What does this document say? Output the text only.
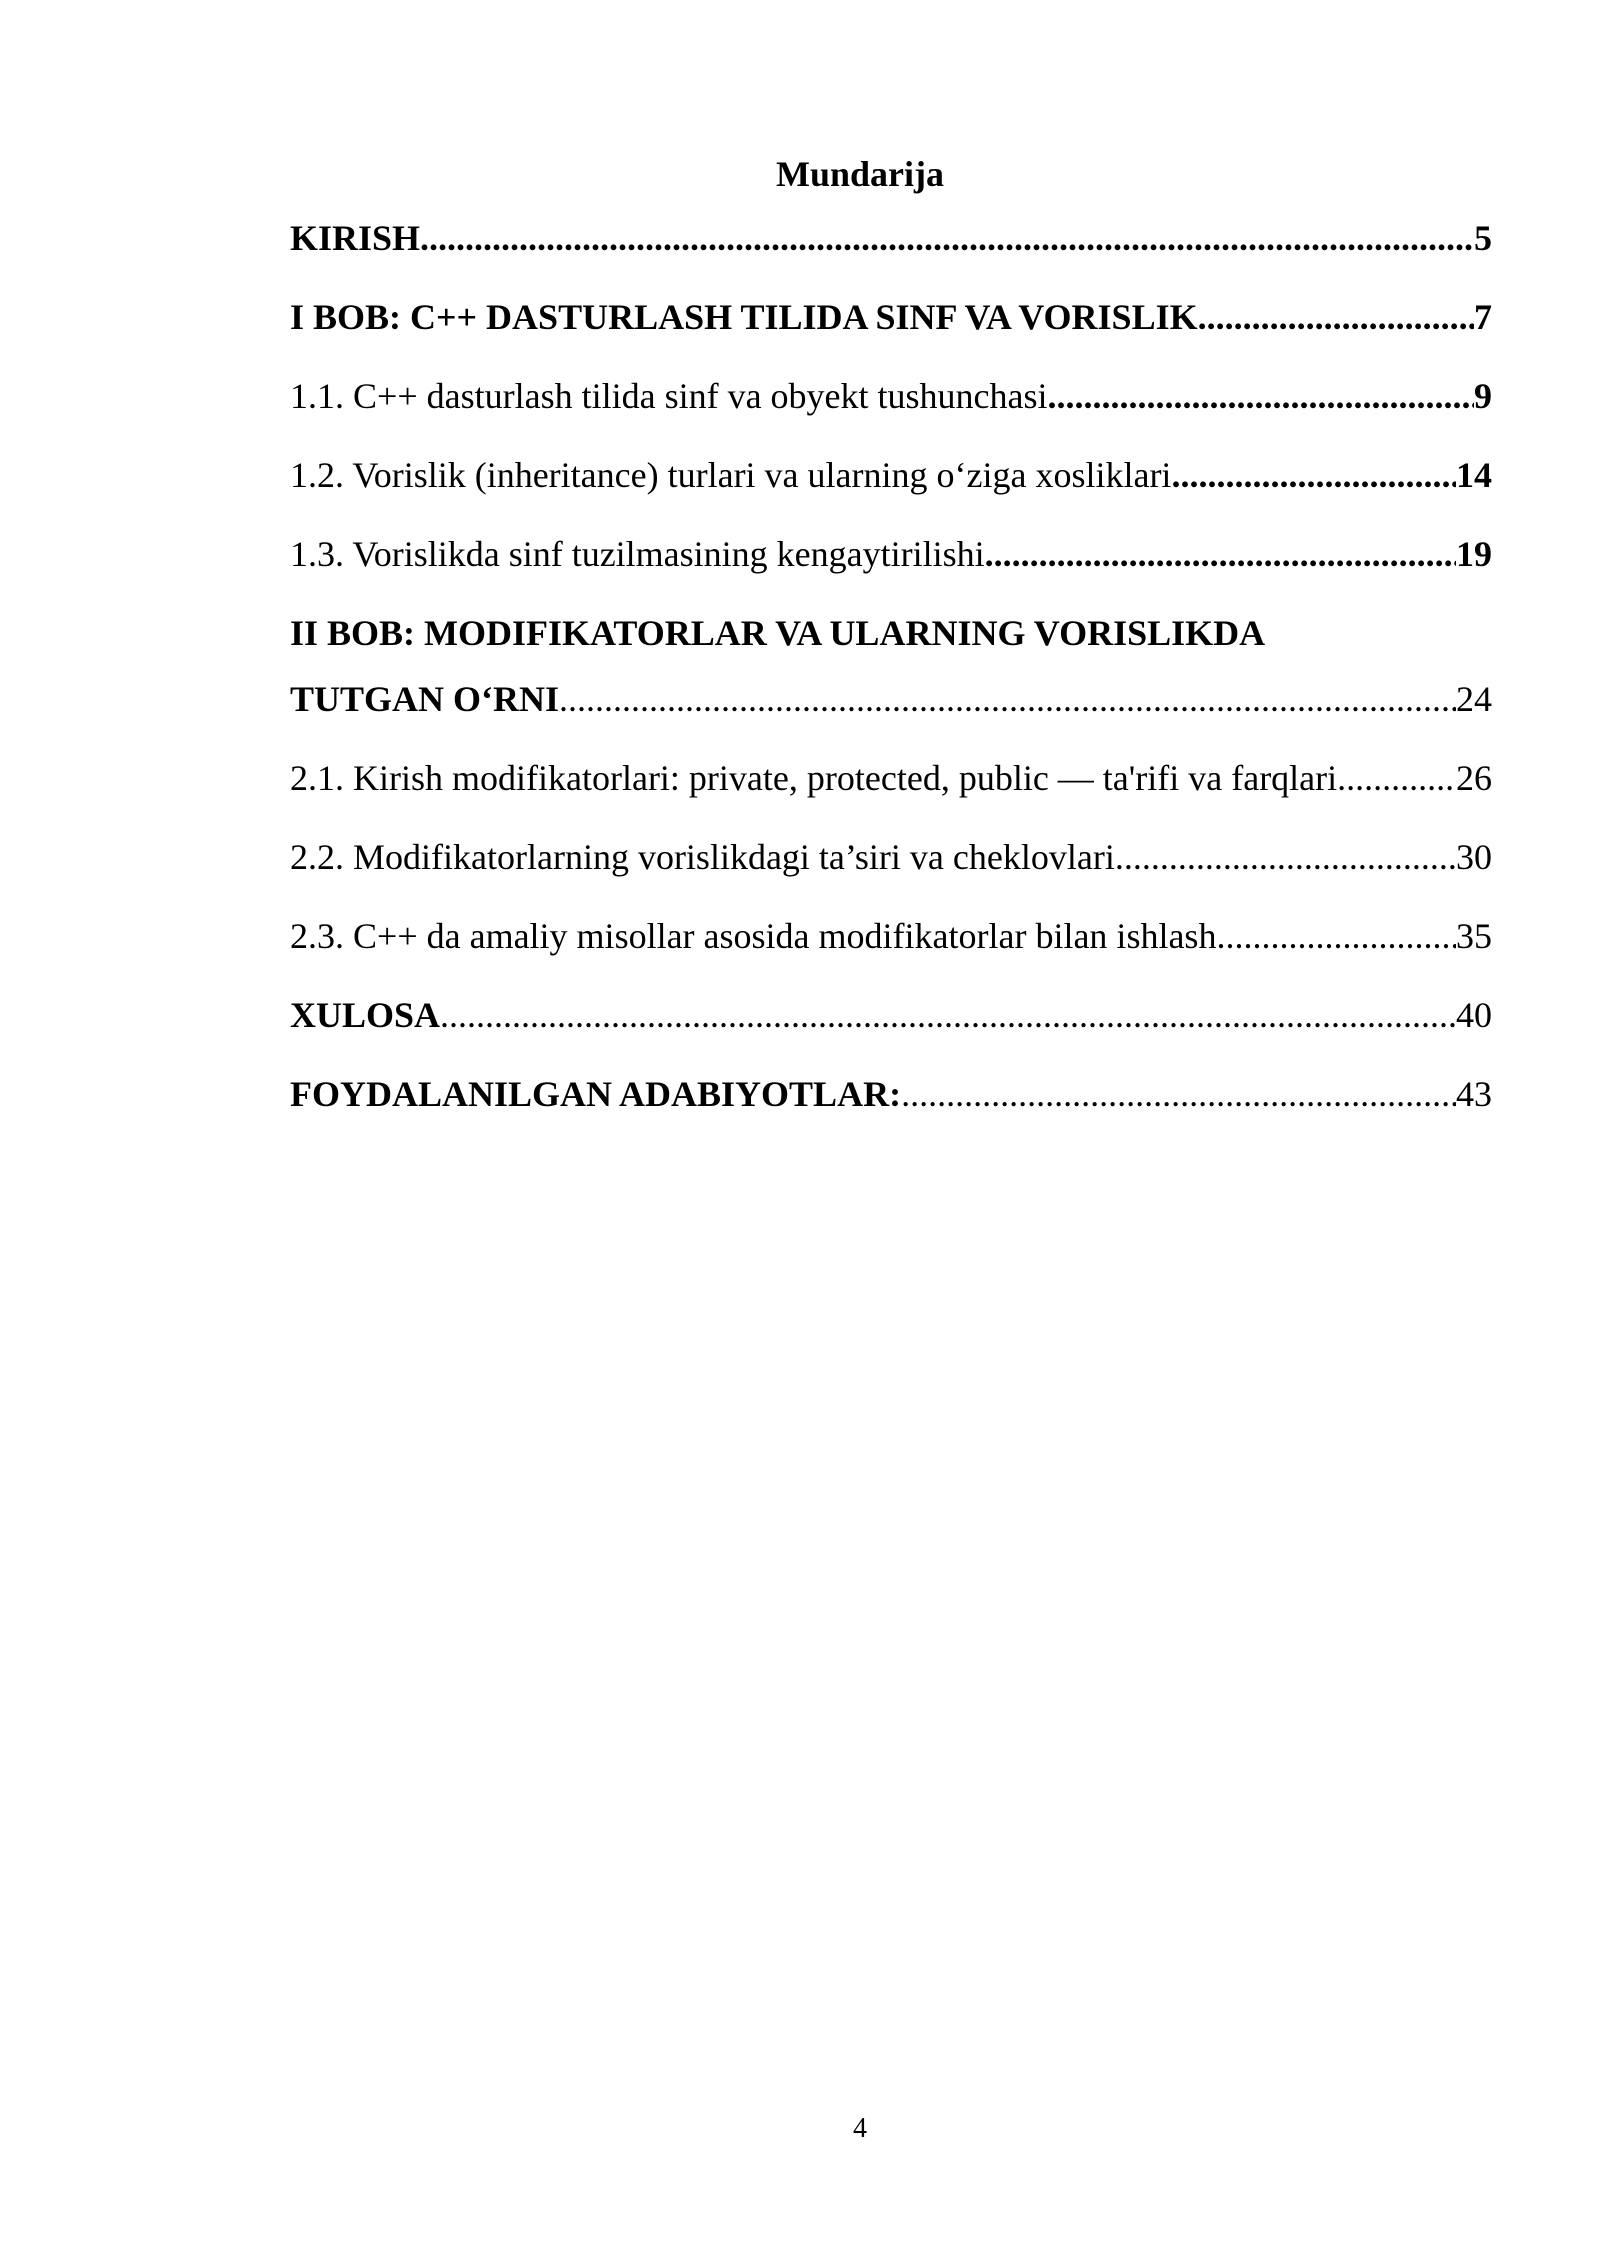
Mundarija
KIRISH .....	5
I BOB: C++ DASTURLASH TILIDA SINF VA VORISLIK .....	7
1.1. C++ dasturlash tilida sinf va obyekt tushunchasi .....	9
1.2. Vorislik (inheritance) turlari va ularning o‘ziga xosliklari .....	14
1.3. Vorislikda sinf tuzilmasining kengaytirilishi .....	19
II BOB: MODIFIKATORLAR VA ULARNING VORISLIKDA
TUTGAN O‘RNI .....	24
2.1. Kirish modifikatorlari: private, protected, public — ta'rifi va farqlari .....	26
2.2. Modifikatorlarning vorislikdagi ta’siri va cheklovlari .....	30
2.3. C++ da amaliy misollar asosida modifikatorlar bilan ishlash .....	35
XULOSA .....	40
FOYDALANILGAN ADABIYOTLAR: .....	43
4
